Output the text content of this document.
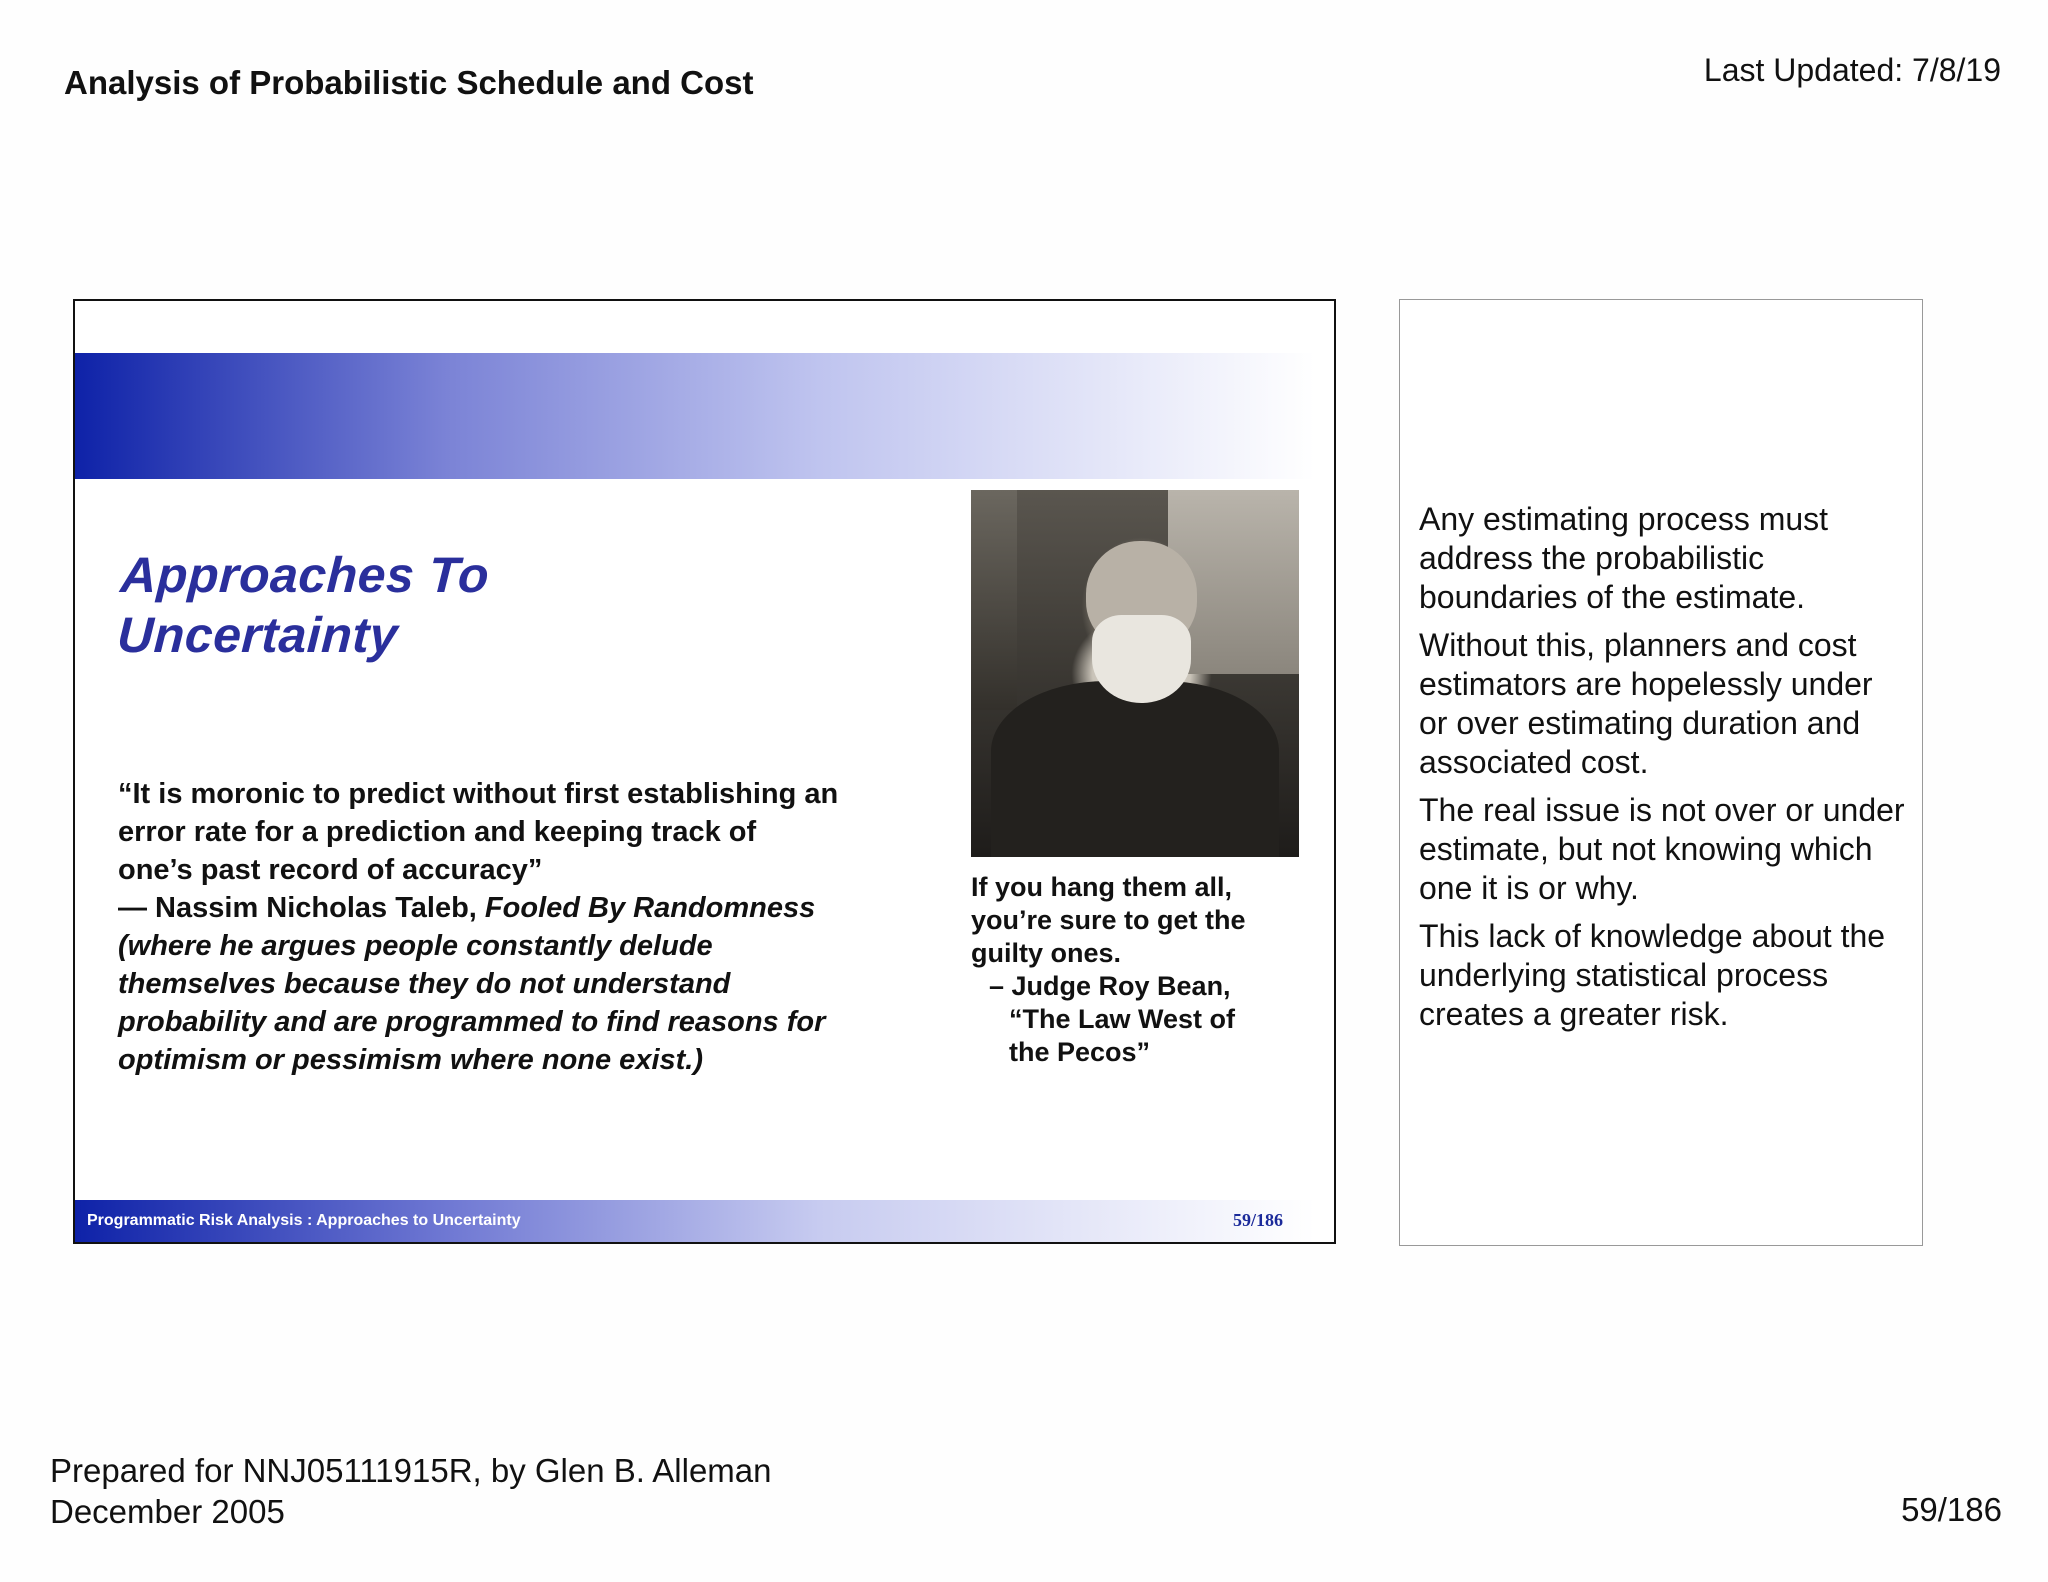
Analysis of Probabilistic Schedule and Cost	Last Updated: 7/8/19
Approaches To
Uncertainty
“It is moronic to predict without first establishing an
error rate for a prediction and keeping track of
one’s past record of accuracy”
— Nassim Nicholas Taleb, Fooled By Randomness
(where he argues people constantly delude
themselves because they do not understand
probability and are programmed to find reasons for
optimism or pessimism where none exist.)
If you hang them all,
you’re sure to get the
guilty ones.
– Judge Roy Bean,
“The Law West of
the Pecos”
Programmatic Risk Analysis : Approaches to Uncertainty	59/186

Any estimating process must address the probabilistic boundaries of the estimate.

Without this, planners and cost estimators are hopelessly under or over estimating duration and associated cost.

The real issue is not over or under estimate, but not knowing which one it is or why.

This lack of knowledge about the underlying statistical process creates a greater risk.

Prepared for NNJ05111915R, by Glen B. Alleman
December 2005	59/186
